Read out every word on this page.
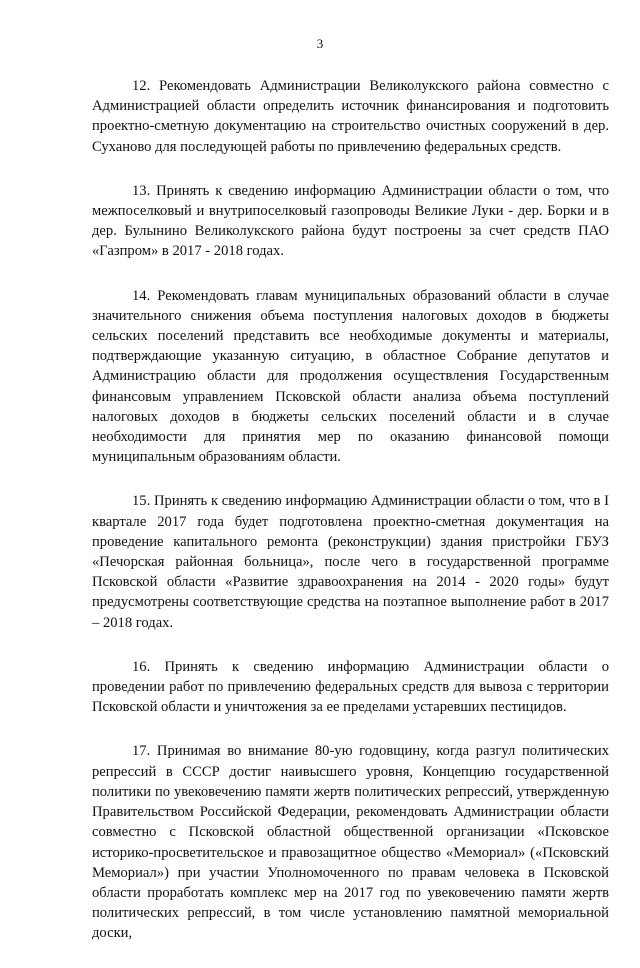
3

12. Рекомендовать Администрации Великолукского района совместно с Администрацией области определить источник финансирования и подготовить проектно-сметную документацию на строительство очистных сооружений в дер. Суханово для последующей работы по привлечению федеральных средств.

13. Принять к сведению информацию Администрации области о том, что межпоселковый и внутрипоселковый газопроводы Великие Луки - дер. Борки и в дер. Булынино Великолукского района будут построены за счет средств ПАО «Газпром» в 2017 - 2018 годах.

14. Рекомендовать главам муниципальных образований области в случае значительного снижения объема поступления налоговых доходов в бюджеты сельских поселений представить все необходимые документы и материалы, подтверждающие указанную ситуацию, в областное Собрание депутатов и Администрацию области для продолжения осуществления Государственным финансовым управлением Псковской области анализа объема поступлений налоговых доходов в бюджеты сельских поселений области и в случае необходимости для принятия мер по оказанию финансовой помощи муниципальным образованиям области.

15. Принять к сведению информацию Администрации области о том, что в I квартале 2017 года будет подготовлена проектно-сметная документация на проведение капитального ремонта (реконструкции) здания пристройки ГБУЗ «Печорская районная больница», после чего в государственной программе Псковской области «Развитие здравоохранения на 2014 - 2020 годы» будут предусмотрены соответствующие средства на поэтапное выполнение работ в 2017 – 2018 годах.

16. Принять к сведению информацию Администрации области о проведении работ по привлечению федеральных средств для вывоза с территории Псковской области и уничтожения за ее пределами устаревших пестицидов.

17. Принимая во внимание 80-ую годовщину, когда разгул политических репрессий в СССР достиг наивысшего уровня, Концепцию государственной политики по увековечению памяти жертв политических репрессий, утвержденную Правительством Российской Федерации, рекомендовать Администрации области совместно с Псковской областной общественной организации «Псковское историко-просветительское и правозащитное общество «Мемориал» («Псковский Мемориал») при участии Уполномоченного по правам человека в Псковской области проработать комплекс мер на 2017 год по увековечению памяти жертв политических репрессий, в том числе установлению памятной мемориальной доски,
